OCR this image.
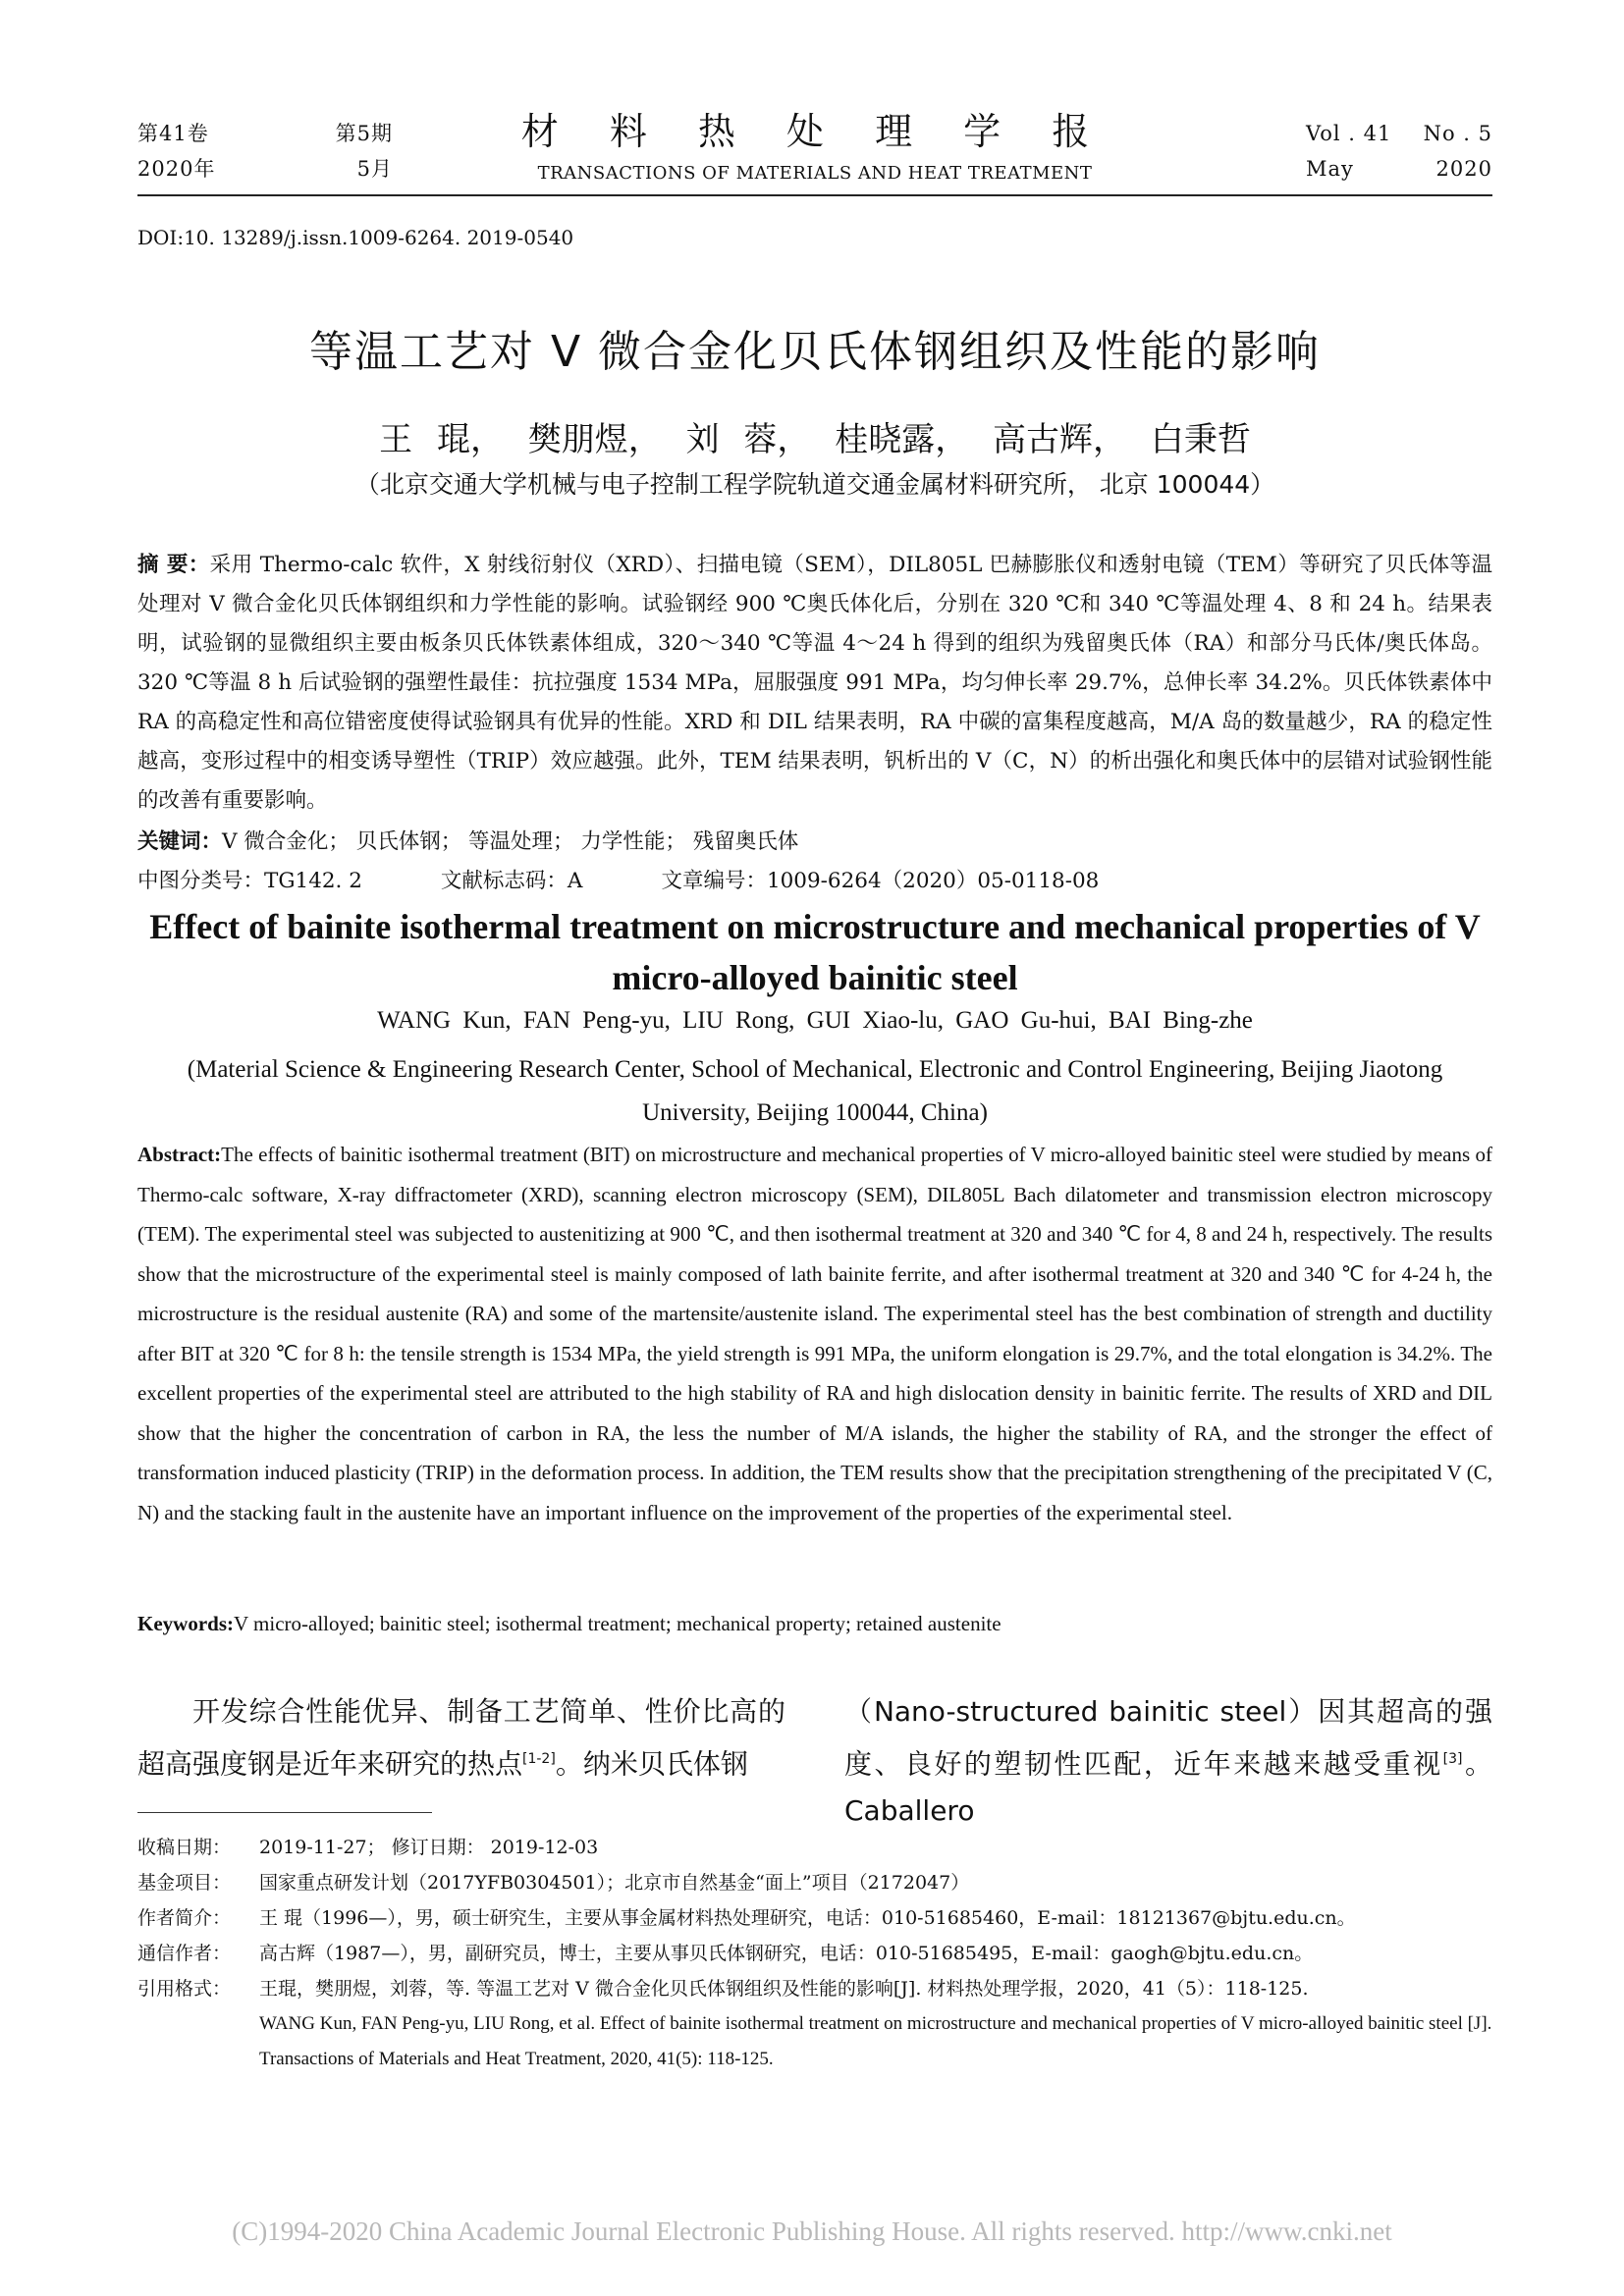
第41卷	第5期
2020年	5月
材 料 热 处 理 学 报
TRANSACTIONS OF MATERIALS AND HEAT TREATMENT
Vol . 41 No . 5
May	2020
DOI:10. 13289/j.issn.1009-6264. 2019-0540
等温工艺对 V 微合金化贝氏体钢组织及性能的影响
王 琨， 樊朋煜， 刘 蓉， 桂晓露， 高古辉， 白秉哲
（北京交通大学机械与电子控制工程学院轨道交通金属材料研究所， 北京 100044）
摘 要：采用 Thermo-calc 软件，X 射线衍射仪（XRD）、扫描电镜（SEM），DIL805L 巴赫膨胀仪和透射电镜（TEM）等研究了贝氏体等温处理对 V 微合金化贝氏体钢组织和力学性能的影响。试验钢经 900 ℃奥氏体化后，分别在 320 ℃和 340 ℃等温处理 4、8 和 24 h。结果表明，试验钢的显微组织主要由板条贝氏体铁素体组成，320～340 ℃等温 4～24 h 得到的组织为残留奥氏体（RA）和部分马氏体/奥氏体岛。320 ℃等温 8 h 后试验钢的强塑性最佳：抗拉强度 1534 MPa，屈服强度 991 MPa，均匀伸长率 29.7%，总伸长率 34.2%。贝氏体铁素体中 RA 的高稳定性和高位错密度使得试验钢具有优异的性能。XRD 和 DIL 结果表明，RA 中碳的富集程度越高，M/A 岛的数量越少，RA 的稳定性越高，变形过程中的相变诱导塑性（TRIP）效应越强。此外，TEM 结果表明，钒析出的 V（C，N）的析出强化和奥氏体中的层错对试验钢性能的改善有重要影响。
关键词：V 微合金化； 贝氏体钢； 等温处理； 力学性能； 残留奥氏体
中图分类号：TG142. 2	文献标志码：A	文章编号：1009-6264（2020）05-0118-08
Effect of bainite isothermal treatment on microstructure and mechanical properties of V micro-alloyed bainitic steel
WANG Kun, FAN Peng-yu, LIU Rong, GUI Xiao-lu, GAO Gu-hui, BAI Bing-zhe
(Material Science & Engineering Research Center, School of Mechanical, Electronic and Control Engineering, Beijing Jiaotong University, Beijing 100044, China)
Abstract:The effects of bainitic isothermal treatment (BIT) on microstructure and mechanical properties of V micro-alloyed bainitic steel were studied by means of Thermo-calc software, X-ray diffractometer (XRD), scanning electron microscopy (SEM), DIL805L Bach dilatometer and transmission electron microscopy (TEM). The experimental steel was subjected to austenitizing at 900 ℃, and then isothermal treatment at 320 and 340 ℃ for 4, 8 and 24 h, respectively. The results show that the microstructure of the experimental steel is mainly composed of lath bainite ferrite, and after isothermal treatment at 320 and 340 ℃ for 4-24 h, the microstructure is the residual austenite (RA) and some of the martensite/austenite island. The experimental steel has the best combination of strength and ductility after BIT at 320 ℃ for 8 h: the tensile strength is 1534 MPa, the yield strength is 991 MPa, the uniform elongation is 29.7%, and the total elongation is 34.2%. The excellent properties of the experimental steel are attributed to the high stability of RA and high dislocation density in bainitic ferrite. The results of XRD and DIL show that the higher the concentration of carbon in RA, the less the number of M/A islands, the higher the stability of RA, and the stronger the effect of transformation induced plasticity (TRIP) in the deformation process. In addition, the TEM results show that the precipitation strengthening of the precipitated V (C, N) and the stacking fault in the austenite have an important influence on the improvement of the properties of the experimental steel.
Keywords:V micro-alloyed; bainitic steel; isothermal treatment; mechanical property; retained austenite
开发综合性能优异、制备工艺简单、性价比高的超高强度钢是近年来研究的热点[1-2]。纳米贝氏体钢
（Nano-structured bainitic steel）因其超高的强度、良好的塑韧性匹配，近年来越来越受重视[3]。Caballero
收稿日期：	2019-11-27； 修订日期： 2019-12-03
基金项目：	国家重点研发计划（2017YFB0304501）；北京市自然基金“面上”项目（2172047）
作者简介：	王 琨（1996—），男，硕士研究生，主要从事金属材料热处理研究，电话：010-51685460，E-mail：18121367@bjtu.edu.cn。
通信作者：	高古辉（1987—），男，副研究员，博士，主要从事贝氏体钢研究，电话：010-51685495，E-mail：gaogh@bjtu.edu.cn。
引用格式：	王琨，樊朋煜，刘蓉，等. 等温工艺对 V 微合金化贝氏体钢组织及性能的影响[J]. 材料热处理学报，2020，41（5）：118-125.
WANG Kun, FAN Peng-yu, LIU Rong, et al. Effect of bainite isothermal treatment on microstructure and mechanical properties of V micro-alloyed bainitic steel [J]. Transactions of Materials and Heat Treatment, 2020, 41(5): 118-125.
(C)1994-2020 China Academic Journal Electronic Publishing House. All rights reserved. http://www.cnki.net
